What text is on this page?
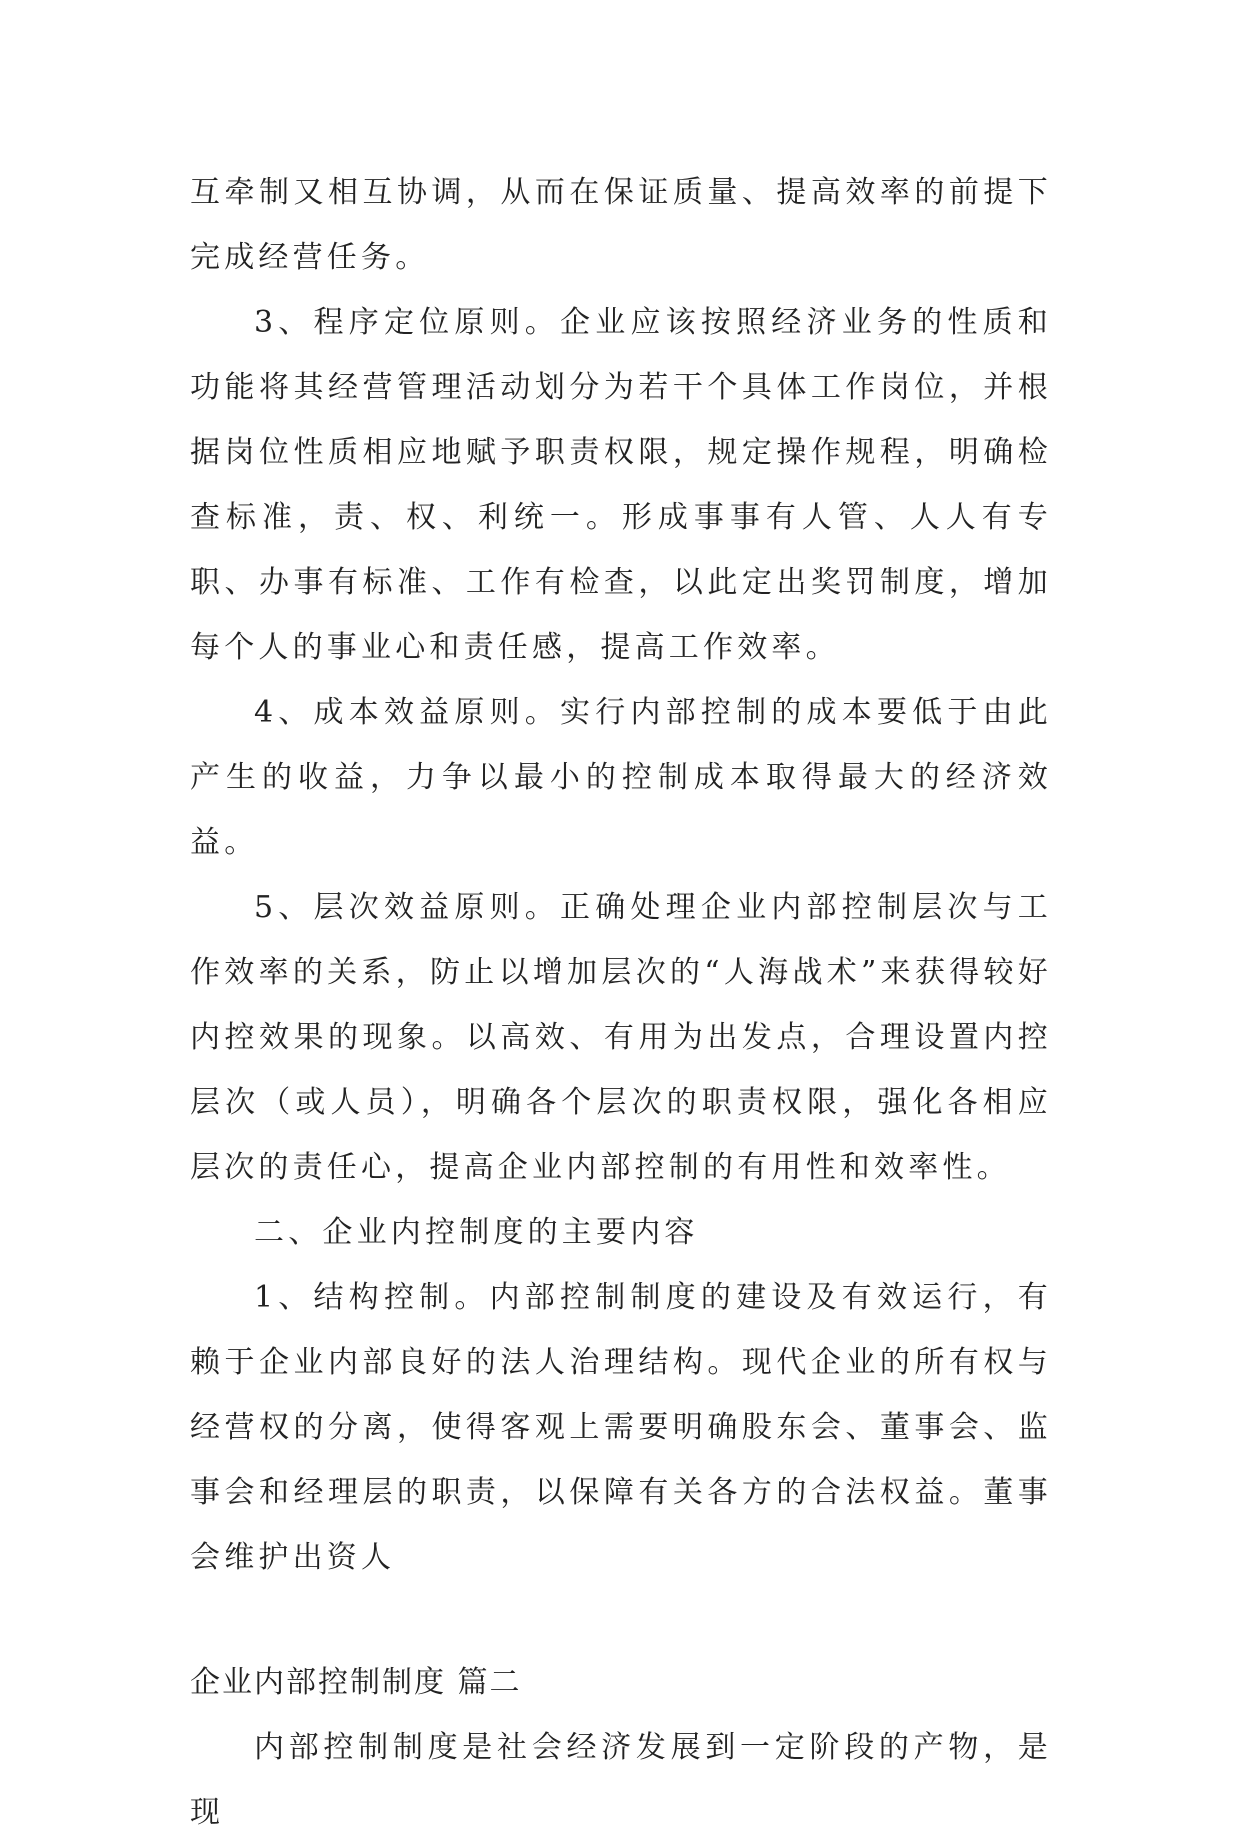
互牵制又相互协调，从而在保证质量、提高效率的前提下完成经营任务。

3、程序定位原则。企业应该按照经济业务的性质和功能将其经营管理活动划分为若干个具体工作岗位，并根据岗位性质相应地赋予职责权限，规定操作规程，明确检查标准，责、权、利统一。形成事事有人管、人人有专职、办事有标准、工作有检查，以此定出奖罚制度，增加每个人的事业心和责任感，提高工作效率。

4、成本效益原则。实行内部控制的成本要低于由此产生的收益，力争以最小的控制成本取得最大的经济效益。

5、层次效益原则。正确处理企业内部控制层次与工作效率的关系，防止以增加层次的“人海战术”来获得较好内控效果的现象。以高效、有用为出发点，合理设置内控层次（或人员），明确各个层次的职责权限，强化各相应层次的责任心，提高企业内部控制的有用性和效率性。

二、企业内控制度的主要内容

1、结构控制。内部控制制度的建设及有效运行，有赖于企业内部良好的法人治理结构。现代企业的所有权与经营权的分离，使得客观上需要明确股东会、董事会、监事会和经理层的职责，以保障有关各方的合法权益。董事会维护出资人

企业内部控制制度 篇二

内部控制制度是社会经济发展到一定阶段的产物，是现
